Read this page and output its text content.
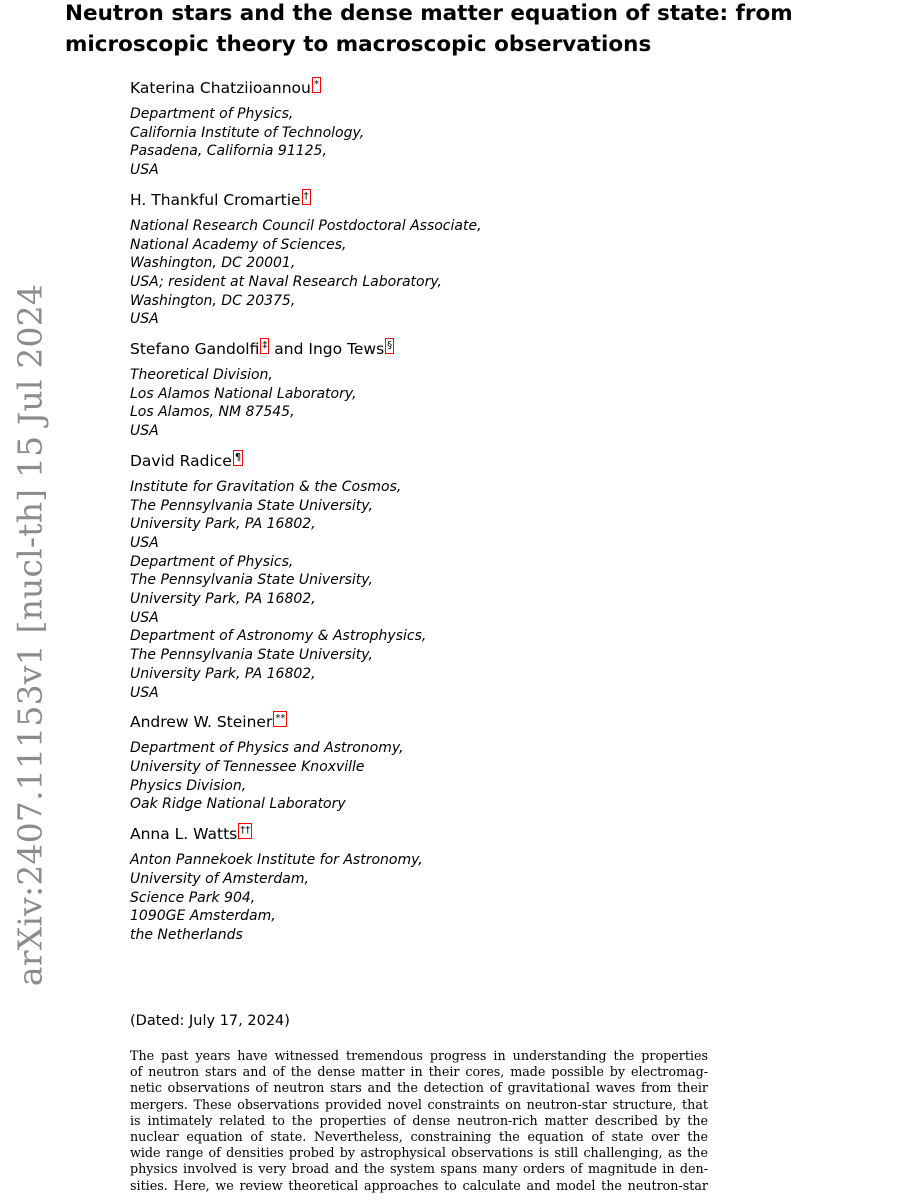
arXiv:2407.11153v1 [nucl-th] 15 Jul 2024
Neutron stars and the dense matter equation of state: from microscopic theory to macroscopic observations
Katerina Chatziioannou *
Department of Physics,
California Institute of Technology,
Pasadena, California 91125,
USA
H. Thankful Cromartie †
National Research Council Postdoctoral Associate,
National Academy of Sciences,
Washington, DC 20001,
USA; resident at Naval Research Laboratory,
Washington, DC 20375,
USA
Stefano Gandolfi ‡ and Ingo Tews §
Theoretical Division,
Los Alamos National Laboratory,
Los Alamos, NM 87545,
USA
David Radice ¶
Institute for Gravitation & the Cosmos,
The Pennsylvania State University,
University Park, PA 16802,
USA
Department of Physics,
The Pennsylvania State University,
University Park, PA 16802,
USA
Department of Astronomy & Astrophysics,
The Pennsylvania State University,
University Park, PA 16802,
USA
Andrew W. Steiner **
Department of Physics and Astronomy,
University of Tennessee Knoxville
Physics Division,
Oak Ridge National Laboratory
Anna L. Watts ††
Anton Pannekoek Institute for Astronomy,
University of Amsterdam,
Science Park 904,
1090GE Amsterdam,
the Netherlands
(Dated: July 17, 2024)
The past years have witnessed tremendous progress in understanding the properties
of neutron stars and of the dense matter in their cores, made possible by electromag-
netic observations of neutron stars and the detection of gravitational waves from their
mergers. These observations provided novel constraints on neutron-star structure, that
is intimately related to the properties of dense neutron-rich matter described by the
nuclear equation of state. Nevertheless, constraining the equation of state over the
wide range of densities probed by astrophysical observations is still challenging, as the
physics involved is very broad and the system spans many orders of magnitude in den-
sities. Here, we review theoretical approaches to calculate and model the neutron-star
